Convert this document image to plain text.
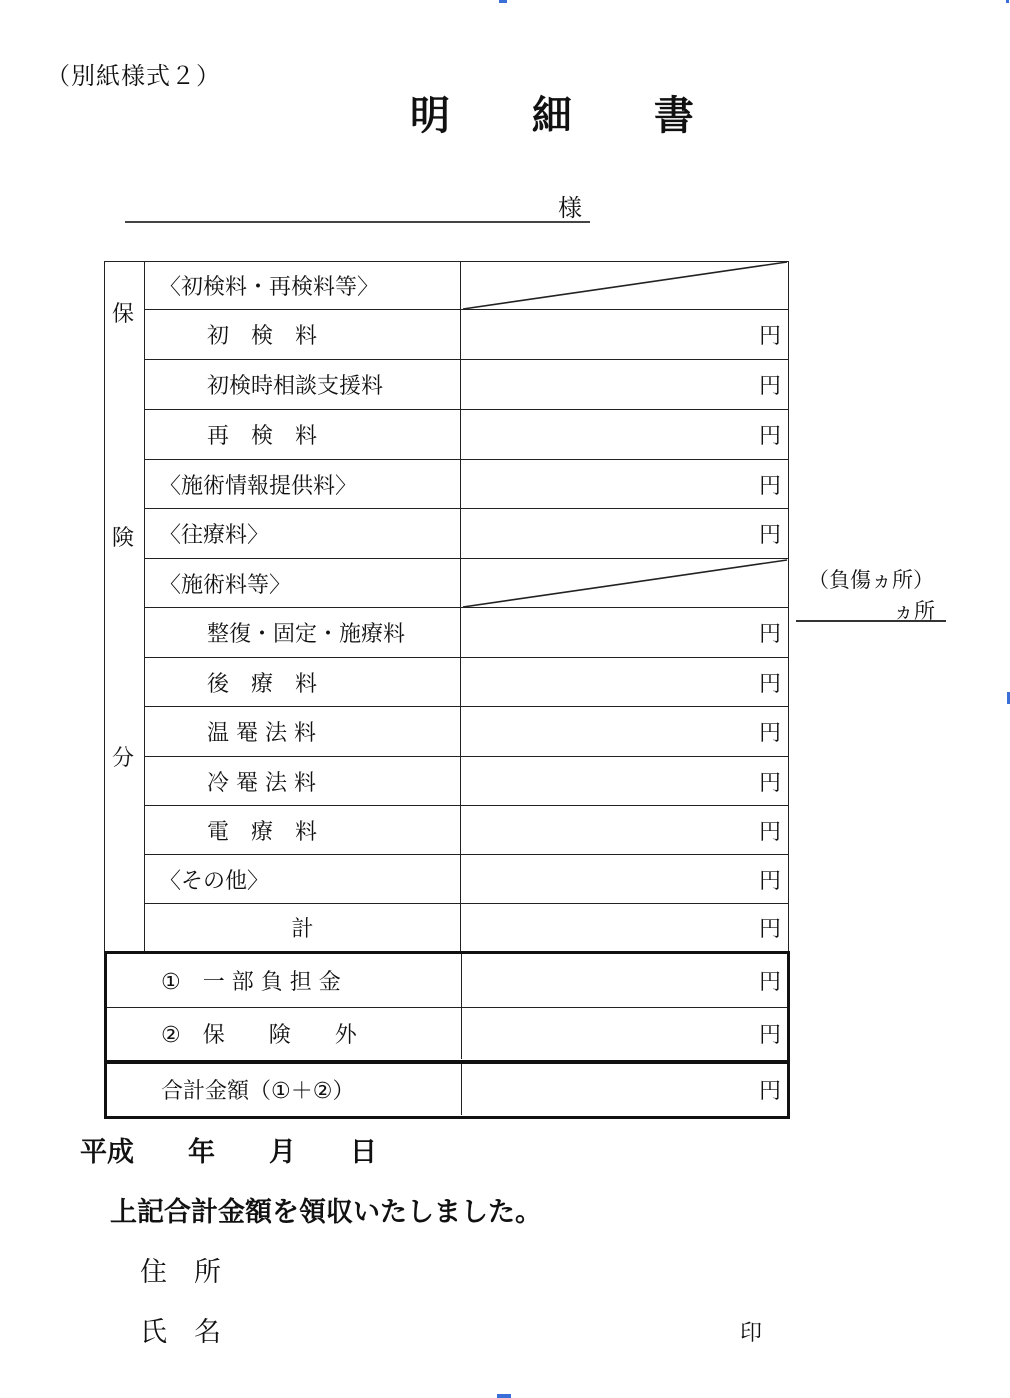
（別紙様式２）
明 細 書
様
保
険
分
〈初検料・再検料等〉
初　検　料	円
初検時相談支援料	円
再　検　料	円
〈施術情報提供料〉	円
〈往療料〉	円
〈施術料等〉
整復・固定・施療料	円
後　療　料	円
温 罨 法 料	円
冷 罨 法 料	円
電　療　料	円
〈その他〉	円
計	円
①　一 部 負 担 金	円
②　保　　険　　外	円
合計金額（①＋②）	円
（負傷ヵ所）
ヵ所
平成　　年　　月　　日
上記合計金額を領収いたしました。
住　所
氏　名	印
